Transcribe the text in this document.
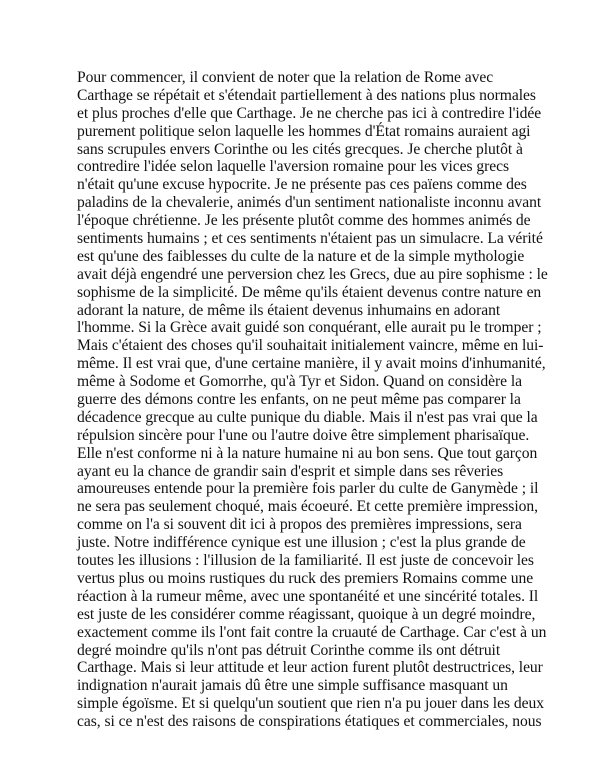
Pour commencer, il convient de noter que la relation de Rome avec
Carthage se répétait et s'étendait partiellement à des nations plus normales
et plus proches d'elle que Carthage. Je ne cherche pas ici à contredire l'idée
purement politique selon laquelle les hommes d'État romains auraient agi
sans scrupules envers Corinthe ou les cités grecques. Je cherche plutôt à
contredire l'idée selon laquelle l'aversion romaine pour les vices grecs
n'était qu'une excuse hypocrite. Je ne présente pas ces païens comme des
paladins de la chevalerie, animés d'un sentiment nationaliste inconnu avant
l'époque chrétienne. Je les présente plutôt comme des hommes animés de
sentiments humains ; et ces sentiments n'étaient pas un simulacre. La vérité
est qu'une des faiblesses du culte de la nature et de la simple mythologie
avait déjà engendré une perversion chez les Grecs, due au pire sophisme : le
sophisme de la simplicité. De même qu'ils étaient devenus contre nature en
adorant la nature, de même ils étaient devenus inhumains en adorant
l'homme. Si la Grèce avait guidé son conquérant, elle aurait pu le tromper ;
Mais c'étaient des choses qu'il souhaitait initialement vaincre, même en lui-
même. Il est vrai que, d'une certaine manière, il y avait moins d'inhumanité,
même à Sodome et Gomorrhe, qu'à Tyr et Sidon. Quand on considère la
guerre des démons contre les enfants, on ne peut même pas comparer la
décadence grecque au culte punique du diable. Mais il n'est pas vrai que la
répulsion sincère pour l'une ou l'autre doive être simplement pharisaïque.
Elle n'est conforme ni à la nature humaine ni au bon sens. Que tout garçon
ayant eu la chance de grandir sain d'esprit et simple dans ses rêveries
amoureuses entende pour la première fois parler du culte de Ganymède ; il
ne sera pas seulement choqué, mais écoeuré. Et cette première impression,
comme on l'a si souvent dit ici à propos des premières impressions, sera
juste. Notre indifférence cynique est une illusion ; c'est la plus grande de
toutes les illusions : l'illusion de la familiarité. Il est juste de concevoir les
vertus plus ou moins rustiques du ruck des premiers Romains comme une
réaction à la rumeur même, avec une spontanéité et une sincérité totales. Il
est juste de les considérer comme réagissant, quoique à un degré moindre,
exactement comme ils l'ont fait contre la cruauté de Carthage. Car c'est à un
degré moindre qu'ils n'ont pas détruit Corinthe comme ils ont détruit
Carthage. Mais si leur attitude et leur action furent plutôt destructrices, leur
indignation n'aurait jamais dû être une simple suffisance masquant un
simple égoïsme. Et si quelqu'un soutient que rien n'a pu jouer dans les deux
cas, si ce n'est des raisons de conspirations étatiques et commerciales, nous
